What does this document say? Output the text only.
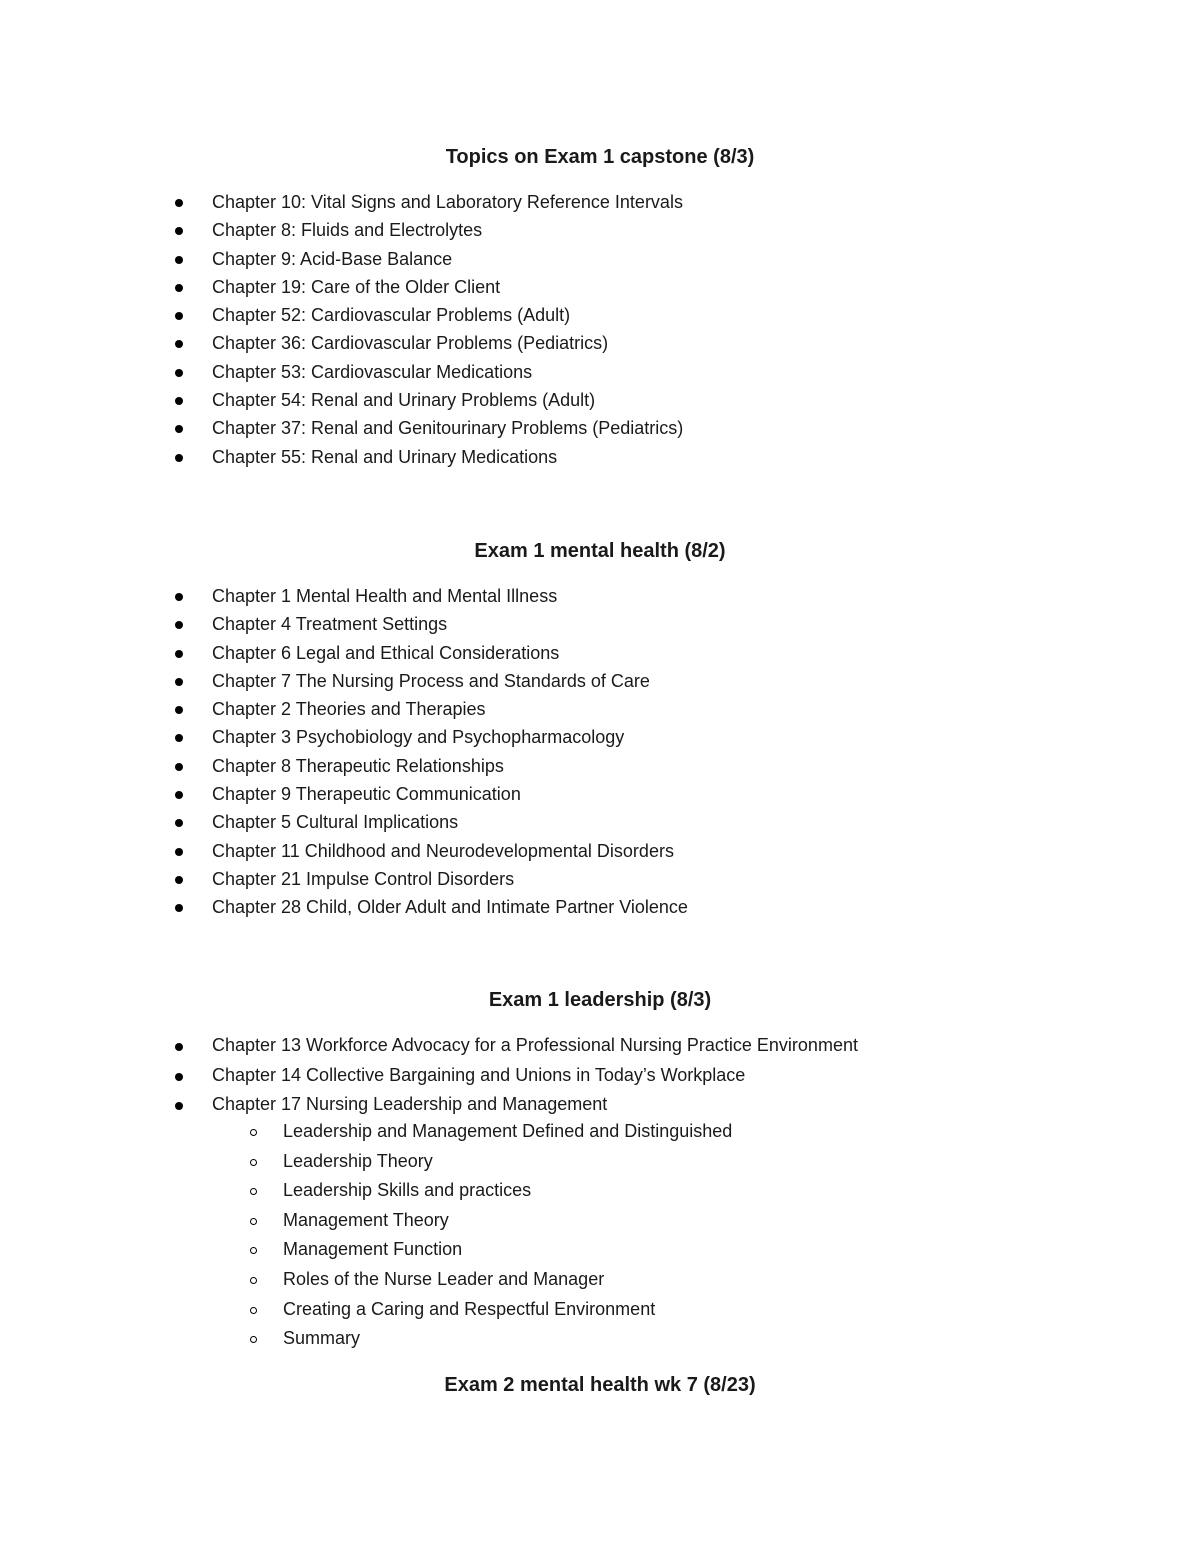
Topics on Exam 1 capstone (8/3)
Chapter 10: Vital Signs and Laboratory Reference Intervals
Chapter 8: Fluids and Electrolytes
Chapter 9: Acid-Base Balance
Chapter 19: Care of the Older Client
Chapter 52: Cardiovascular Problems (Adult)
Chapter 36: Cardiovascular Problems (Pediatrics)
Chapter 53: Cardiovascular Medications
Chapter 54: Renal and Urinary Problems (Adult)
Chapter 37: Renal and Genitourinary Problems (Pediatrics)
Chapter 55: Renal and Urinary Medications
Exam 1 mental health (8/2)
Chapter 1 Mental Health and Mental Illness
Chapter 4 Treatment Settings
Chapter 6 Legal and Ethical Considerations
Chapter 7 The Nursing Process and Standards of Care
Chapter 2 Theories and Therapies
Chapter 3 Psychobiology and Psychopharmacology
Chapter 8 Therapeutic Relationships
Chapter 9 Therapeutic Communication
Chapter 5 Cultural Implications
Chapter 11 Childhood and Neurodevelopmental Disorders
Chapter 21 Impulse Control Disorders
Chapter 28 Child, Older Adult and Intimate Partner Violence
Exam 1 leadership (8/3)
Chapter 13 Workforce Advocacy for a Professional Nursing Practice Environment
Chapter 14 Collective Bargaining and Unions in Today’s Workplace
Chapter 17 Nursing Leadership and Management
Leadership and Management Defined and Distinguished
Leadership Theory
Leadership Skills and practices
Management Theory
Management Function
Roles of the Nurse Leader and Manager
Creating a Caring and Respectful Environment
Summary
Exam 2 mental health wk 7 (8/23)
